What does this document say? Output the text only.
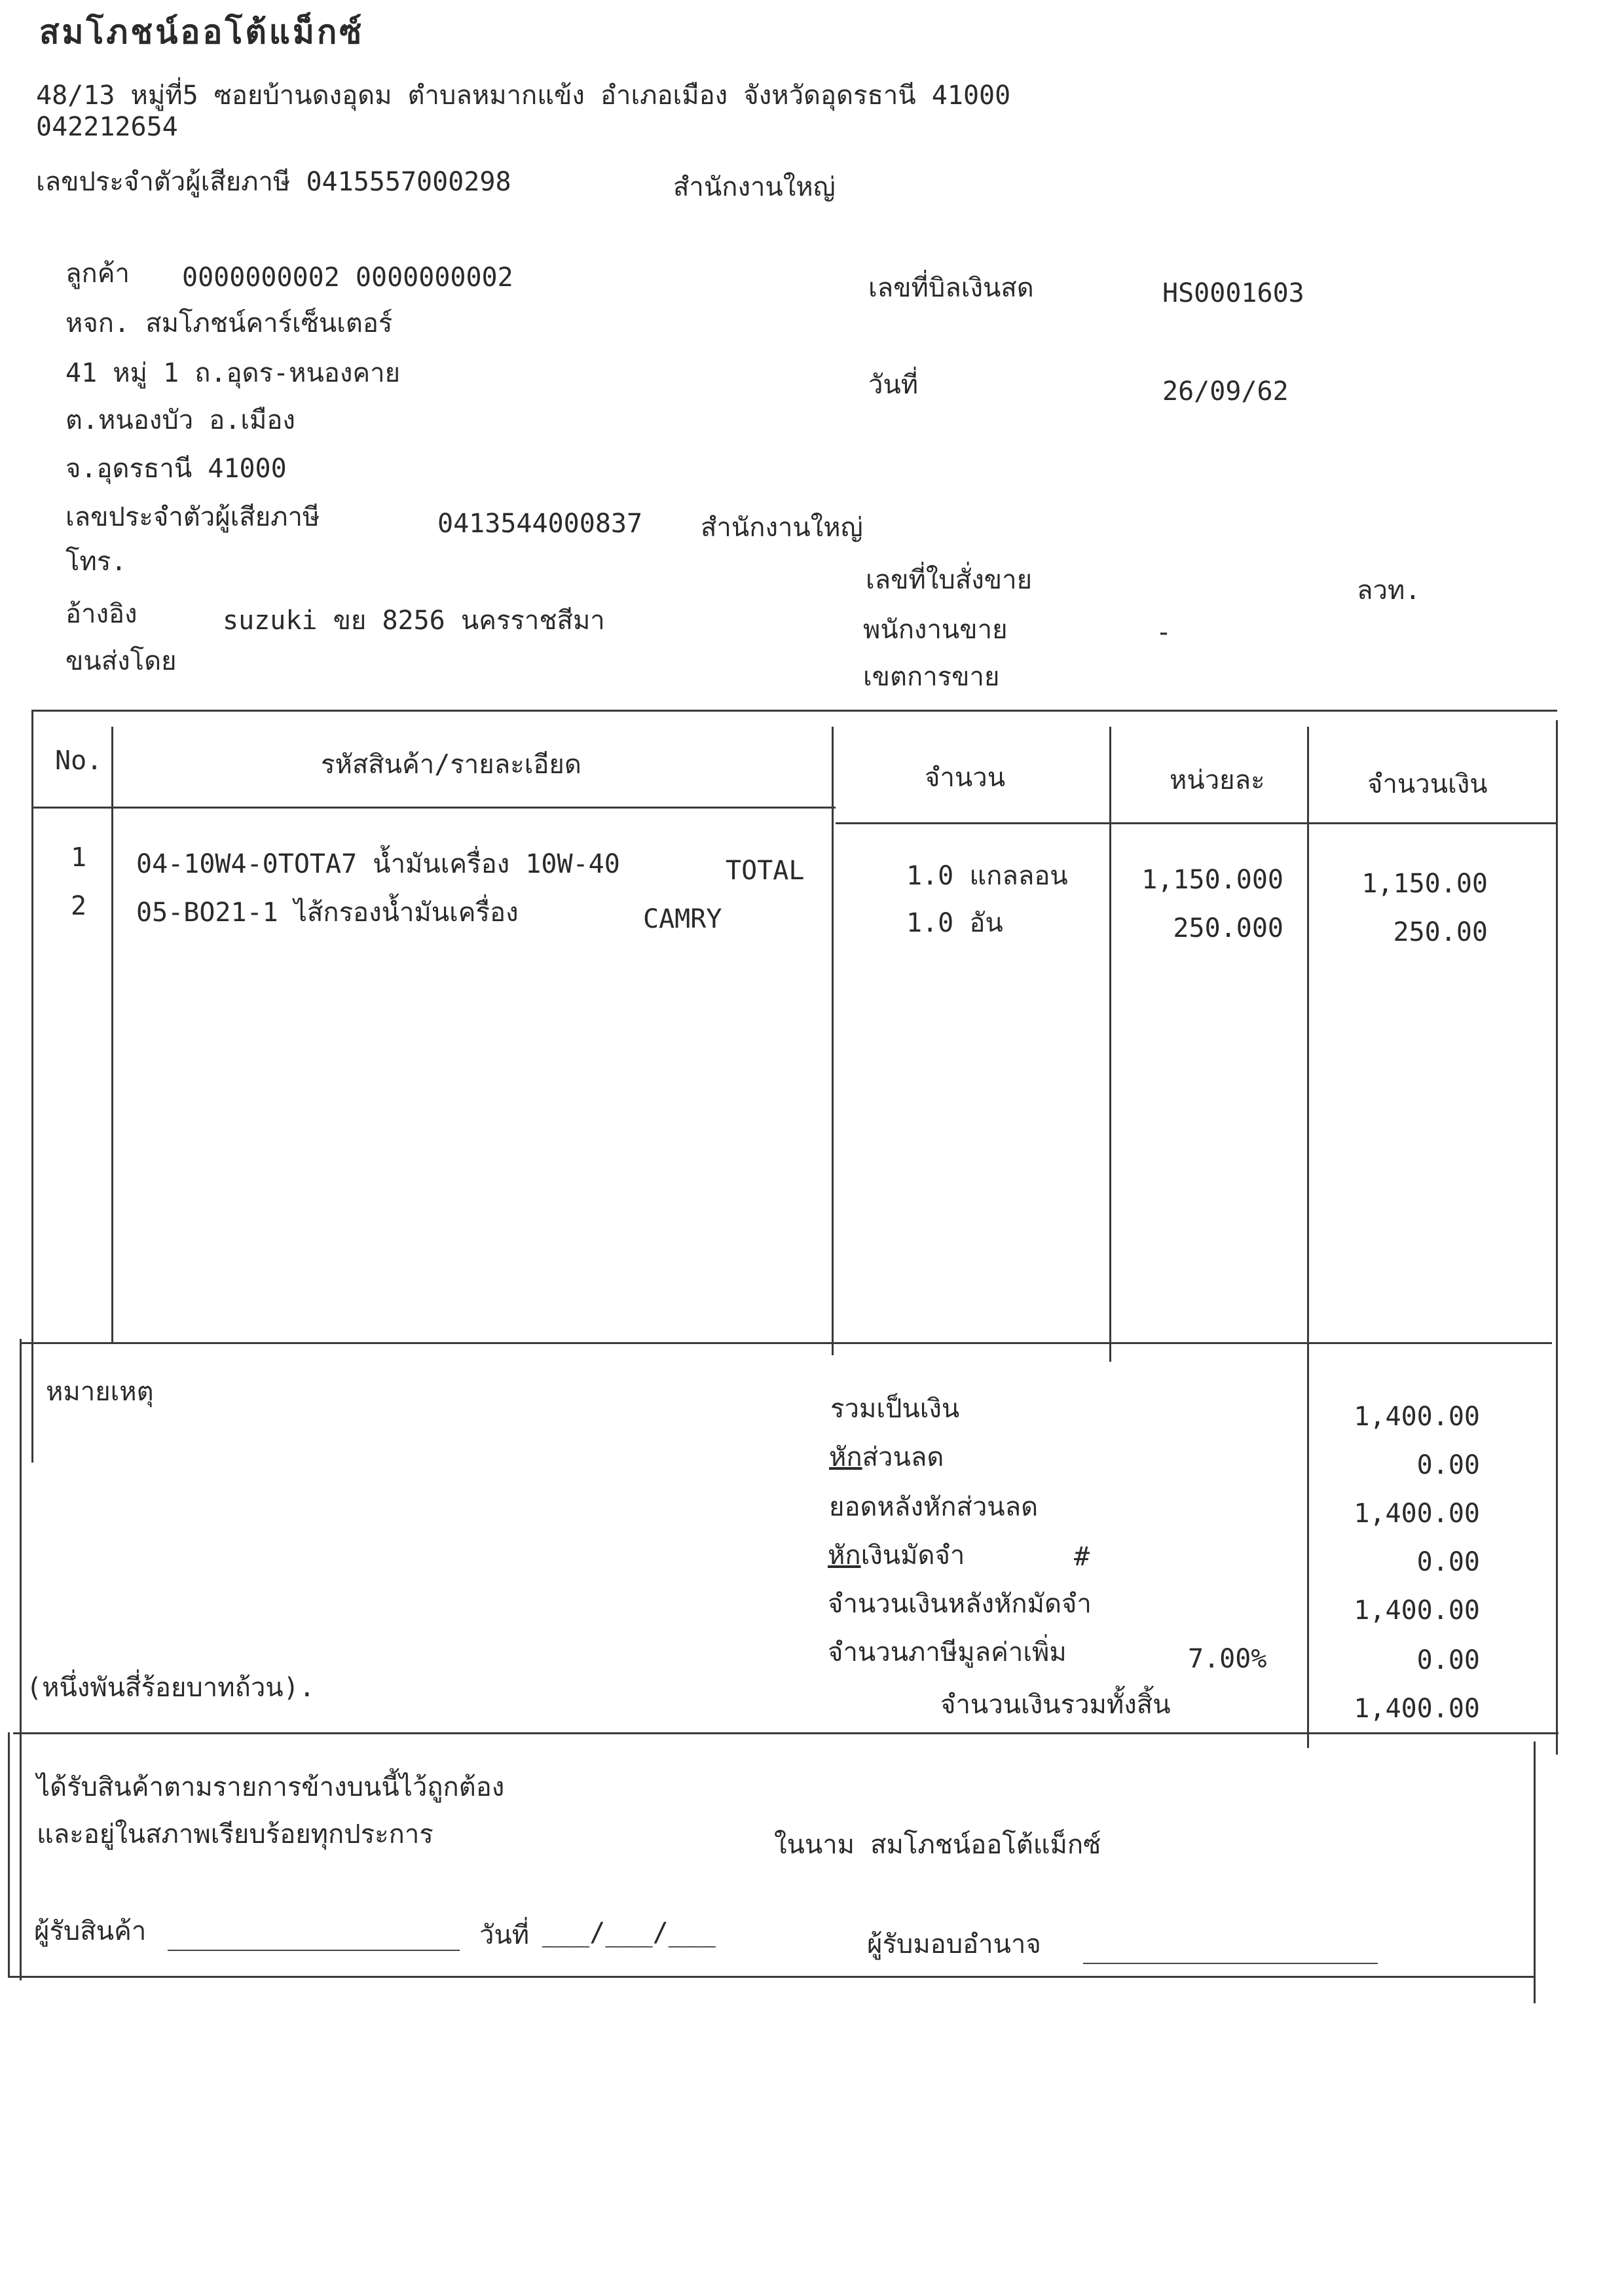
สมโภชน์ออโต้แม็กซ์
48/13 หมู่ที่5 ซอยบ้านดงอุดม ตำบลหมากแข้ง อำเภอเมือง จังหวัดอุดรธานี 41000
042212654
เลขประจำตัวผู้เสียภาษี 0415557000298	สำนักงานใหญ่
ลูกค้า 0000000002 0000000002
หจก. สมโภชน์คาร์เซ็นเตอร์
41 หมู่ 1 ถ.อุดร-หนองคาย
ต.หนองบัว อ.เมือง
จ.อุดรธานี 41000
เลขประจำตัวผู้เสียภาษี	0413544000837 สำนักงานใหญ่
โทร.
อ้างอิง	suzuki ขย 8256 นครราชสีมา
ขนส่งโดย
เลขที่บิลเงินสด	HS0001603
วันที่	26/09/62
เลขที่ใบสั่งขาย	ลวท.
พนักงานขาย	-
เขตการขาย
No.	รหัสสินค้า/รายละเอียด	จำนวน	หน่วยละ	จำนวนเงิน
1 04-10W4-0TOTA7 น้ำมันเครื่อง 10W-40	TOTAL	1.0 แกลลอน	1,150.000	1,150.00
2 05-BO21-1 ไส้กรองน้ำมันเครื่อง	CAMRY	1.0 อัน	250.000	250.00
หมายเหตุ
(หนึ่งพันสี่ร้อยบาทถ้วน).
รวมเป็นเงิน	1,400.00
หักส่วนลด	0.00
ยอดหลังหักส่วนลด	1,400.00
หักเงินมัดจำ	#	0.00
จำนวนเงินหลังหักมัดจำ	1,400.00
จำนวนภาษีมูลค่าเพิ่ม	7.00%	0.00
จำนวนเงินรวมทั้งสิ้น	1,400.00
ได้รับสินค้าตามรายการข้างบนนี้ไว้ถูกต้อง
และอยู่ในสภาพเรียบร้อยทุกประการ	ในนาม สมโภชน์ออโต้แม็กซ์
ผู้รับสินค้า	วันที่ ___/___/___	ผู้รับมอบอำนาจ
